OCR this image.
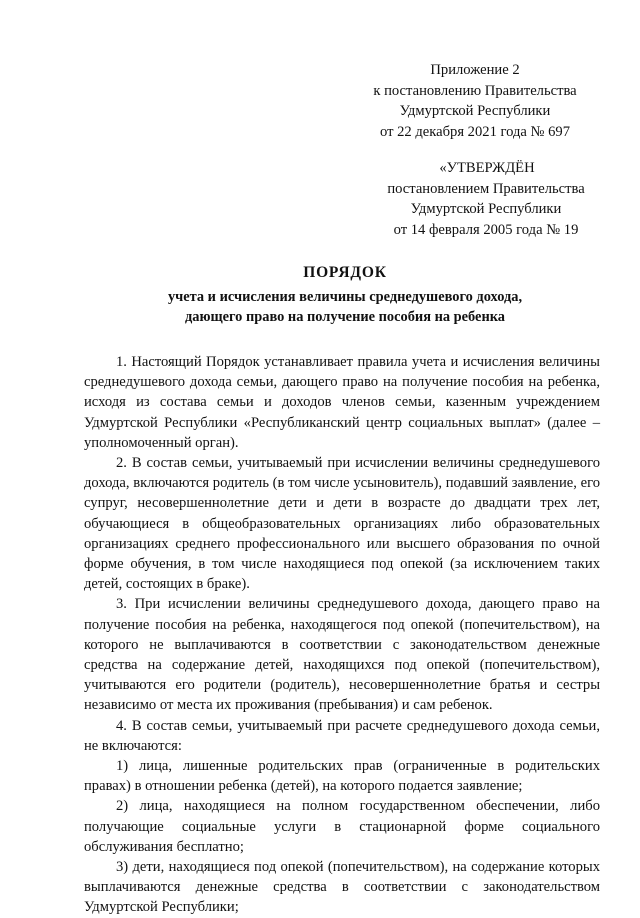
Приложение 2
к постановлению Правительства
Удмуртской Республики
от 22 декабря 2021 года № 697
«УТВЕРЖДЁН
постановлением Правительства
Удмуртской Республики
от 14 февраля 2005 года № 19
ПОРЯДОК
учета и исчисления величины среднедушевого дохода,
дающего право на получение пособия на ребенка

1. Настоящий Порядок устанавливает правила учета и исчисления величины среднедушевого дохода семьи, дающего право на получение пособия на ребенка, исходя из состава семьи и доходов членов семьи, казенным учреждением Удмуртской Республики «Республиканский центр социальных выплат» (далее – уполномоченный орган).

2. В состав семьи, учитываемый при исчислении величины среднедушевого дохода, включаются родитель (в том числе усыновитель), подавший заявление, его супруг, несовершеннолетние дети и дети в возрасте до двадцати трех лет, обучающиеся в общеобразовательных организациях либо образовательных организациях среднего профессионального или высшего образования по очной форме обучения, в том числе находящиеся под опекой (за исключением таких детей, состоящих в браке).

3. При исчислении величины среднедушевого дохода, дающего право на получение пособия на ребенка, находящегося под опекой (попечительством), на которого не выплачиваются в соответствии с законодательством денежные средства на содержание детей, находящихся под опекой (попечительством), учитываются его родители (родитель), несовершеннолетние братья и сестры независимо от места их проживания (пребывания) и сам ребенок.

4. В состав семьи, учитываемый при расчете среднедушевого дохода семьи, не включаются:

1) лица, лишенные родительских прав (ограниченные в родительских правах) в отношении ребенка (детей), на которого подается заявление;

2) лица, находящиеся на полном государственном обеспечении, либо получающие социальные услуги в стационарной форме социального обслуживания бесплатно;

3) дети, находящиеся под опекой (попечительством), на содержание которых выплачиваются денежные средства в соответствии с законодательством Удмуртской Республики;
